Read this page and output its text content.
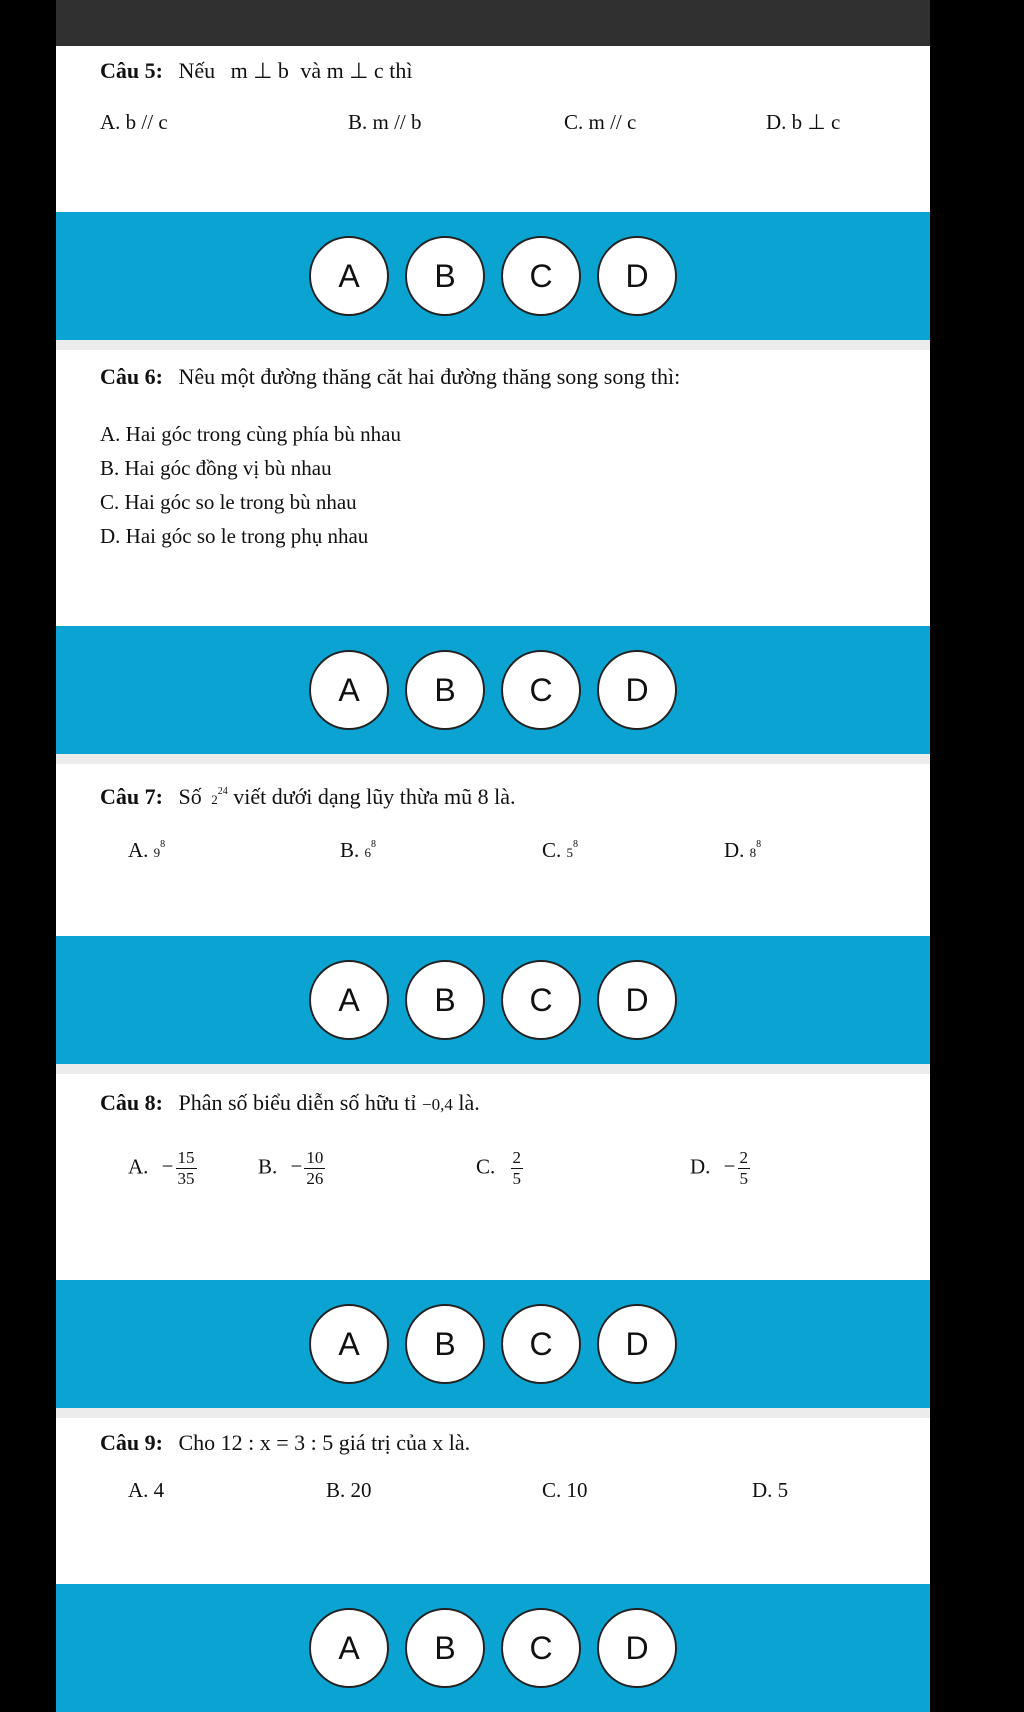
Câu 5: Nếu m ⊥ b và m ⊥ c thì
A. b // c	B. m // b	C. m // c	D. b ⊥ c
A	B	C	D
Câu 6: Nêu một đường thăng căt hai đường thăng song song thì:
A. Hai góc trong cùng phía bù nhau
B. Hai góc đồng vị bù nhau
C. Hai góc so le trong bù nhau
D. Hai góc so le trong phụ nhau
A	B	C	D
Câu 7: Số $2^{24}$ viết dưới dạng lũy thừa mũ 8 là.
A. $9^8$	B. $6^8$	C. $5^8$	D. $8^8$
A	B	C	D
Câu 8: Phân số biểu diễn số hữu tỉ −0,4 là.
A. − $\frac{15}{35}$	B. − $\frac{10}{26}$	C. $\frac{2}{5}$	D. − $\frac{2}{5}$
A	B	C	D
Câu 9: Cho 12 : x = 3 : 5 giá trị của x là.
A. 4	B. 20	C. 10	D. 5
A	B	C	D
